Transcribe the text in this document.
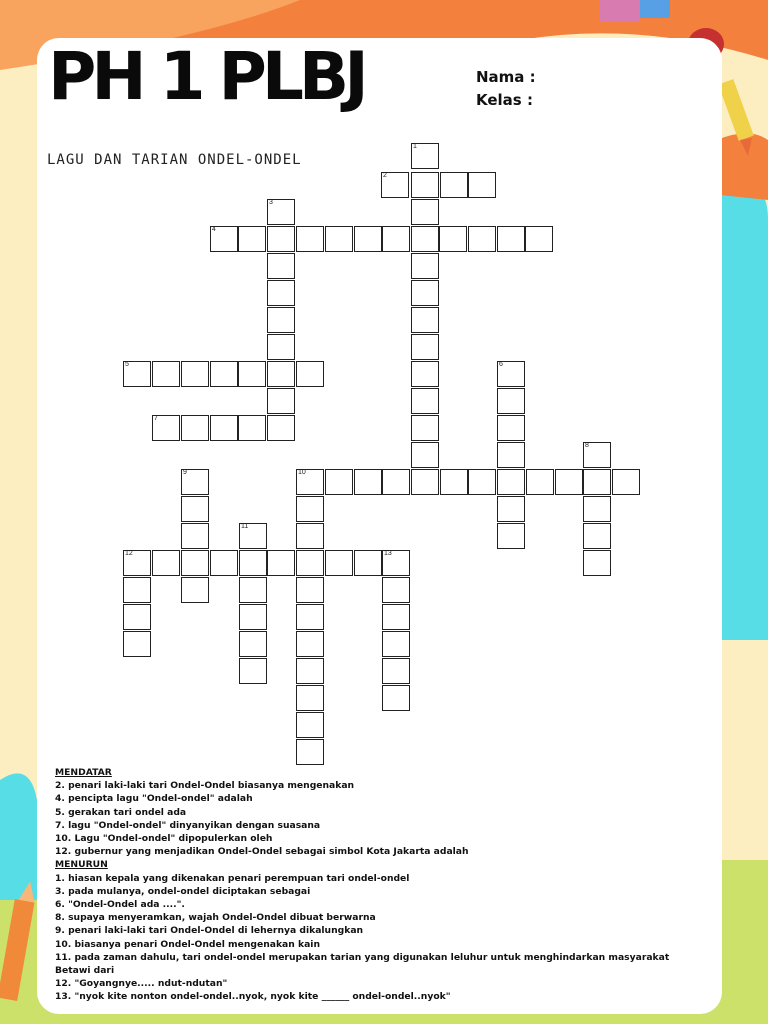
PH 1 PLBJ	Nama :
Kelas :
LAGU DAN TARIAN ONDEL-ONDEL
1
2
4
3
5	6
7
8
9	10
11
12	13
MENDATAR
2. penari laki-laki tari Ondel-Ondel biasanya mengenakan
4. pencipta lagu "Ondel-ondel" adalah
5. gerakan tari ondel ada
7. lagu "Ondel-ondel" dinyanyikan dengan suasana
10. Lagu "Ondel-ondel" dipopulerkan oleh
12. gubernur yang menjadikan Ondel-Ondel sebagai simbol Kota Jakarta adalah
MENURUN
1. hiasan kepala yang dikenakan penari perempuan tari ondel-ondel
3. pada mulanya, ondel-ondel diciptakan sebagai
6. "Ondel-Ondel ada ....".
8. supaya menyeramkan, wajah Ondel-Ondel dibuat berwarna
9. penari laki-laki tari Ondel-Ondel di lehernya dikalungkan
10. biasanya penari Ondel-Ondel mengenakan kain
11. pada zaman dahulu, tari ondel-ondel merupakan tarian yang digunakan leluhur untuk menghindarkan masyarakat Betawi dari
12. "Goyangnye..... ndut-ndutan"
13. "nyok kite nonton ondel-ondel..nyok, nyok kite ______ ondel-ondel..nyok"
